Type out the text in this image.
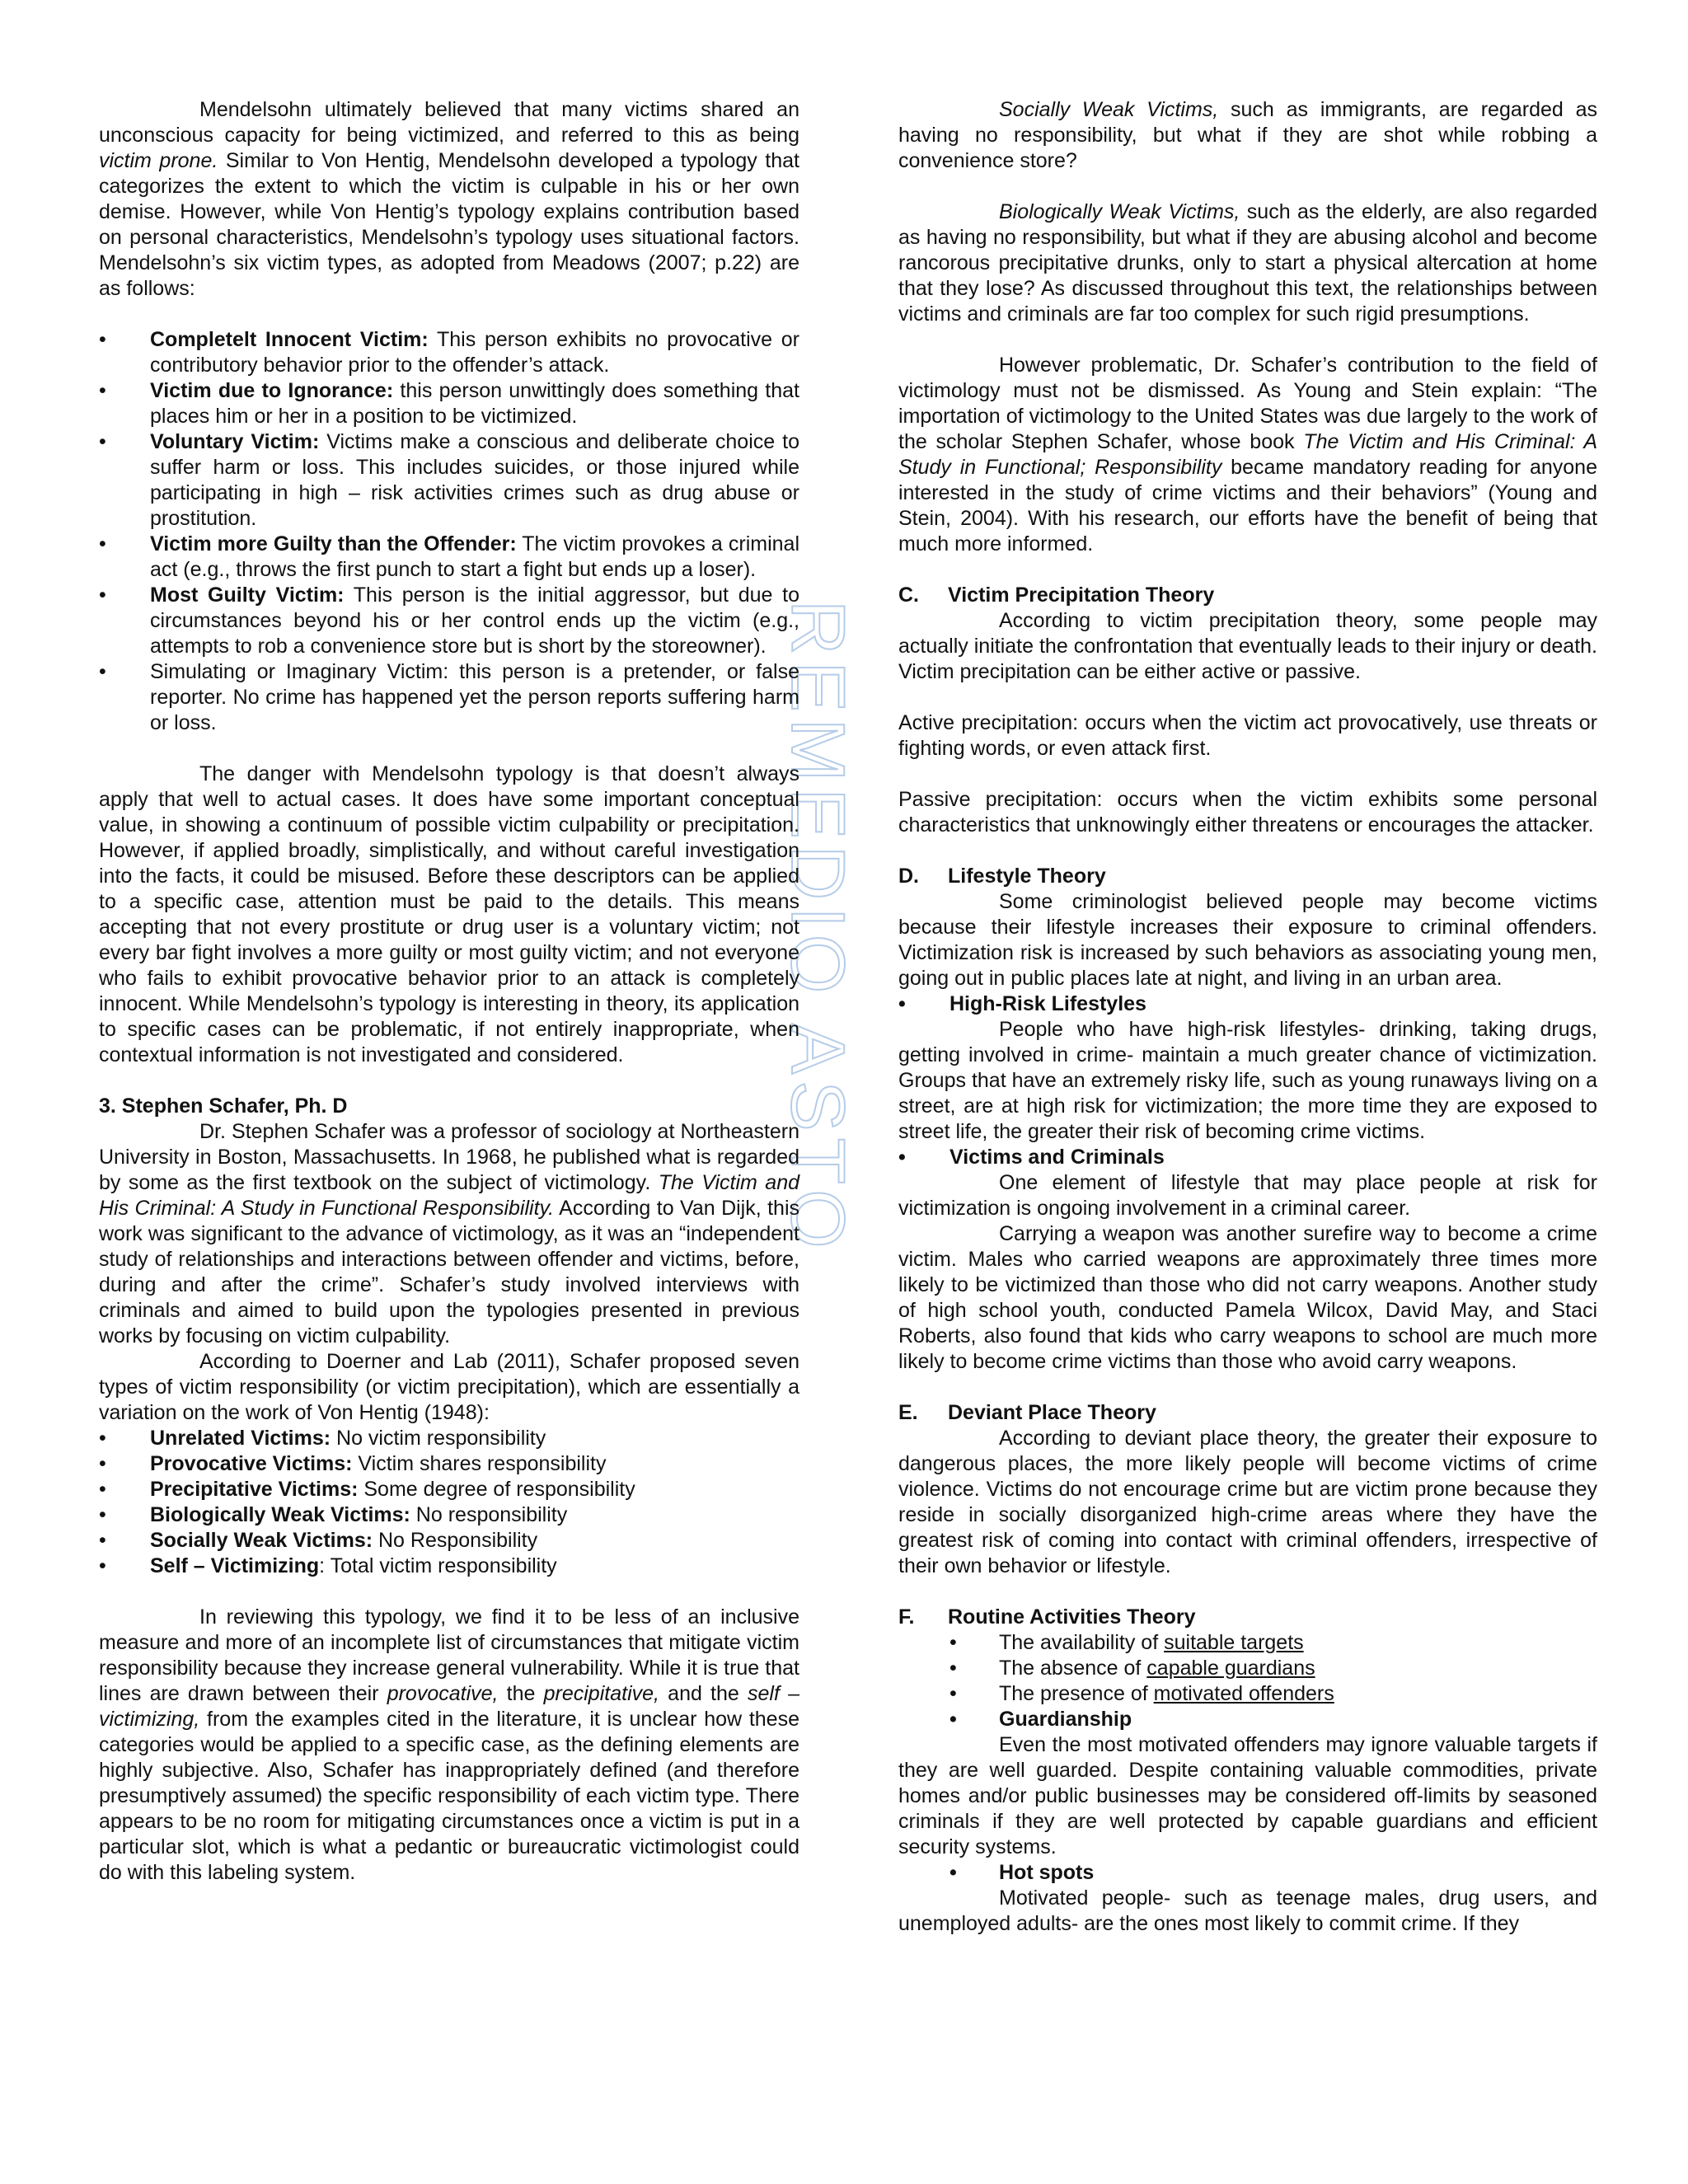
REMEDIO ASTO

Mendelsohn ultimately believed that many victims shared an unconscious capacity for being victimized, and referred to this as being victim prone. Similar to Von Hentig, Mendelsohn developed a typology that categorizes the extent to which the victim is culpable in his or her own demise. However, while Von Hentig’s typology explains contribution based on personal characteristics, Mendelsohn’s typology uses situational factors. Mendelsohn’s six victim types, as adopted from Meadows (2007; p.22) are as follows:

• Completelt Innocent Victim: This person exhibits no provocative or contributory behavior prior to the offender’s attack.
• Victim due to Ignorance: this person unwittingly does something that places him or her in a position to be victimized.
• Voluntary Victim: Victims make a conscious and deliberate choice to suffer harm or loss. This includes suicides, or those injured while participating in high – risk activities crimes such as drug abuse or prostitution.
• Victim more Guilty than the Offender: The victim provokes a criminal act (e.g., throws the first punch to start a fight but ends up a loser).
• Most Guilty Victim: This person is the initial aggressor, but due to circumstances beyond his or her control ends up the victim (e.g., attempts to rob a convenience store but is short by the storeowner).
• Simulating or Imaginary Victim: this person is a pretender, or false reporter. No crime has happened yet the person reports suffering harm or loss.

The danger with Mendelsohn typology is that doesn’t always apply that well to actual cases. It does have some important conceptual value, in showing a continuum of possible victim culpability or precipitation. However, if applied broadly, simplistically, and without careful investigation into the facts, it could be misused. Before these descriptors can be applied to a specific case, attention must be paid to the details. This means accepting that not every prostitute or drug user is a voluntary victim; not every bar fight involves a more guilty or most guilty victim; and not everyone who fails to exhibit provocative behavior prior to an attack is completely innocent. While Mendelsohn’s typology is interesting in theory, its application to specific cases can be problematic, if not entirely inappropriate, when contextual information is not investigated and considered.

3. Stephen Schafer, Ph. D

Dr. Stephen Schafer was a professor of sociology at Northeastern University in Boston, Massachusetts. In 1968, he published what is regarded by some as the first textbook on the subject of victimology. The Victim and His Criminal: A Study in Functional Responsibility. According to Van Dijk, this work was significant to the advance of victimology, as it was an “independent study of relationships and interactions between offender and victims, before, during and after the crime”. Schafer’s study involved interviews with criminals and aimed to build upon the typologies presented in previous works by focusing on victim culpability.

According to Doerner and Lab (2011), Schafer proposed seven types of victim responsibility (or victim precipitation), which are essentially a variation on the work of Von Hentig (1948):

• Unrelated Victims: No victim responsibility
• Provocative Victims: Victim shares responsibility
• Precipitative Victims: Some degree of responsibility
• Biologically Weak Victims: No responsibility
• Socially Weak Victims: No Responsibility
• Self – Victimizing: Total victim responsibility

In reviewing this typology, we find it to be less of an inclusive measure and more of an incomplete list of circumstances that mitigate victim responsibility because they increase general vulnerability. While it is true that lines are drawn between their provocative, the precipitative, and the self – victimizing, from the examples cited in the literature, it is unclear how these categories would be applied to a specific case, as the defining elements are highly subjective. Also, Schafer has inappropriately defined (and therefore presumptively assumed) the specific responsibility of each victim type. There appears to be no room for mitigating circumstances once a victim is put in a particular slot, which is what a pedantic or bureaucratic victimologist could do with this labeling system.

Socially Weak Victims, such as immigrants, are regarded as having no responsibility, but what if they are shot while robbing a convenience store?

Biologically Weak Victims, such as the elderly, are also regarded as having no responsibility, but what if they are abusing alcohol and become rancorous precipitative drunks, only to start a physical altercation at home that they lose? As discussed throughout this text, the relationships between victims and criminals are far too complex for such rigid presumptions.

However problematic, Dr. Schafer’s contribution to the field of victimology must not be dismissed. As Young and Stein explain: “The importation of victimology to the United States was due largely to the work of the scholar Stephen Schafer, whose book The Victim and His Criminal: A Study in Functional; Responsibility became mandatory reading for anyone interested in the study of crime victims and their behaviors” (Young and Stein, 2004). With his research, our efforts have the benefit of being that much more informed.

C. Victim Precipitation Theory

According to victim precipitation theory, some people may actually initiate the confrontation that eventually leads to their injury or death. Victim precipitation can be either active or passive.

Active precipitation: occurs when the victim act provocatively, use threats or fighting words, or even attack first.

Passive precipitation: occurs when the victim exhibits some personal characteristics that unknowingly either threatens or encourages the attacker.

D. Lifestyle Theory

Some criminologist believed people may become victims because their lifestyle increases their exposure to criminal offenders. Victimization risk is increased by such behaviors as associating young men, going out in public places late at night, and living in an urban area.

• High-Risk Lifestyles

People who have high-risk lifestyles- drinking, taking drugs, getting involved in crime- maintain a much greater chance of victimization. Groups that have an extremely risky life, such as young runaways living on a street, are at high risk for victimization; the more time they are exposed to street life, the greater their risk of becoming crime victims.

• Victims and Criminals

One element of lifestyle that may place people at risk for victimization is ongoing involvement in a criminal career.

Carrying a weapon was another surefire way to become a crime victim. Males who carried weapons are approximately three times more likely to be victimized than those who did not carry weapons. Another study of high school youth, conducted Pamela Wilcox, David May, and Staci Roberts, also found that kids who carry weapons to school are much more likely to become crime victims than those who avoid carry weapons.

E. Deviant Place Theory

According to deviant place theory, the greater their exposure to dangerous places, the more likely people will become victims of crime violence. Victims do not encourage crime but are victim prone because they reside in socially disorganized high-crime areas where they have the greatest risk of coming into contact with criminal offenders, irrespective of their own behavior or lifestyle.

F. Routine Activities Theory

• The availability of suitable targets
• The absence of capable guardians
• The presence of motivated offenders
• Guardianship

Even the most motivated offenders may ignore valuable targets if they are well guarded. Despite containing valuable commodities, private homes and/or public businesses may be considered off-limits by seasoned criminals if they are well protected by capable guardians and efficient security systems.

• Hot spots

Motivated people- such as teenage males, drug users, and unemployed adults- are the ones most likely to commit crime. If they
